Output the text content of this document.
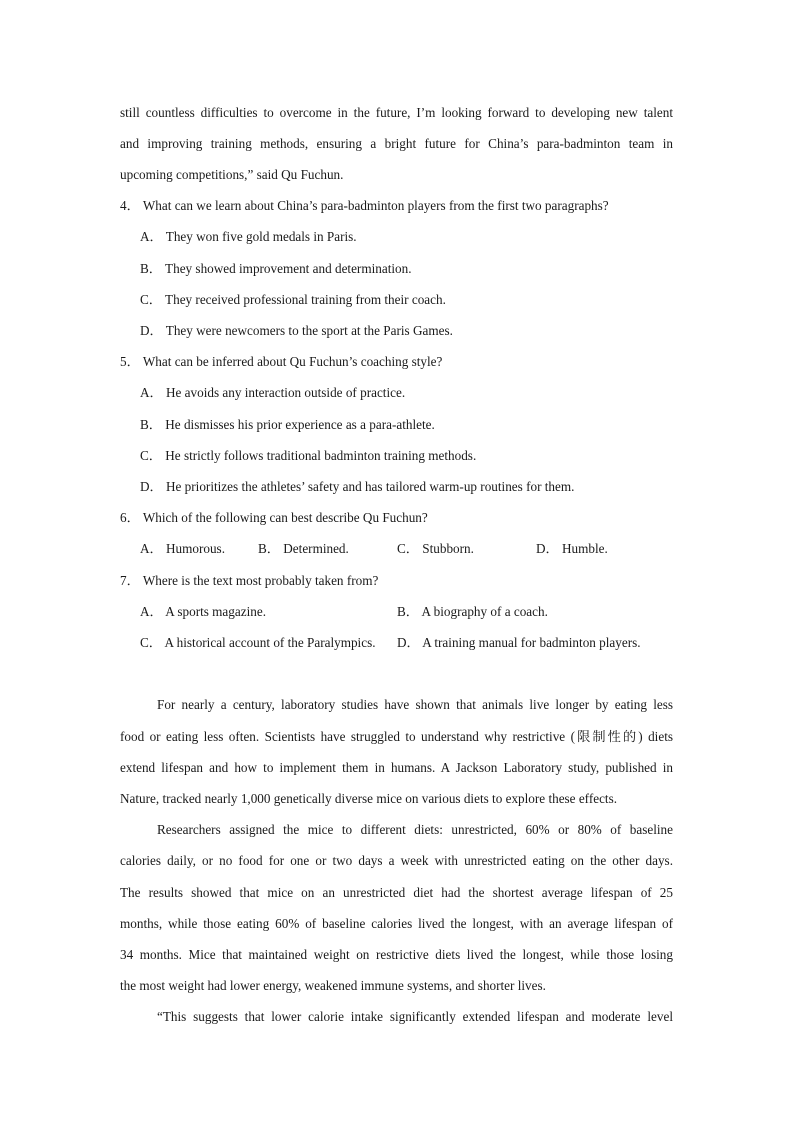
still countless difficulties to overcome in the future, I’m looking forward to developing new talent
and improving training methods, ensuring a bright future for China’s para-badminton team in
upcoming competitions,” said Qu Fuchun.
4． What can we learn about China’s para-badminton players from the first two paragraphs?
A． They won five gold medals in Paris.
B． They showed improvement and determination.
C． They received professional training from their coach.
D． They were newcomers to the sport at the Paris Games.
5． What can be inferred about Qu Fuchun’s coaching style?
A． He avoids any interaction outside of practice.
B． He dismisses his prior experience as a para-athlete.
C． He strictly follows traditional badminton training methods.
D． He prioritizes the athletes’ safety and has tailored warm-up routines for them.
6． Which of the following can best describe Qu Fuchun?
A． Humorous.	B． Determined.	C． Stubborn.	D． Humble.
7． Where is the text most probably taken from?
A． A sports magazine.	B． A biography of a coach.
C． A historical account of the Paralympics. D． A training manual for badminton players.
For nearly a century, laboratory studies have shown that animals live longer by eating less
food or eating less often. Scientists have struggled to understand why restrictive (限制性的) diets
extend lifespan and how to implement them in humans. A Jackson Laboratory study, published in
Nature, tracked nearly 1,000 genetically diverse mice on various diets to explore these effects.
Researchers assigned the mice to different diets: unrestricted, 60% or 80% of baseline
calories daily, or no food for one or two days a week with unrestricted eating on the other days.
The results showed that mice on an unrestricted diet had the shortest average lifespan of 25
months, while those eating 60% of baseline calories lived the longest, with an average lifespan of
34 months. Mice that maintained weight on restrictive diets lived the longest, while those losing
the most weight had lower energy, weakened immune systems, and shorter lives.
“This suggests that lower calorie intake significantly extended lifespan and moderate level
